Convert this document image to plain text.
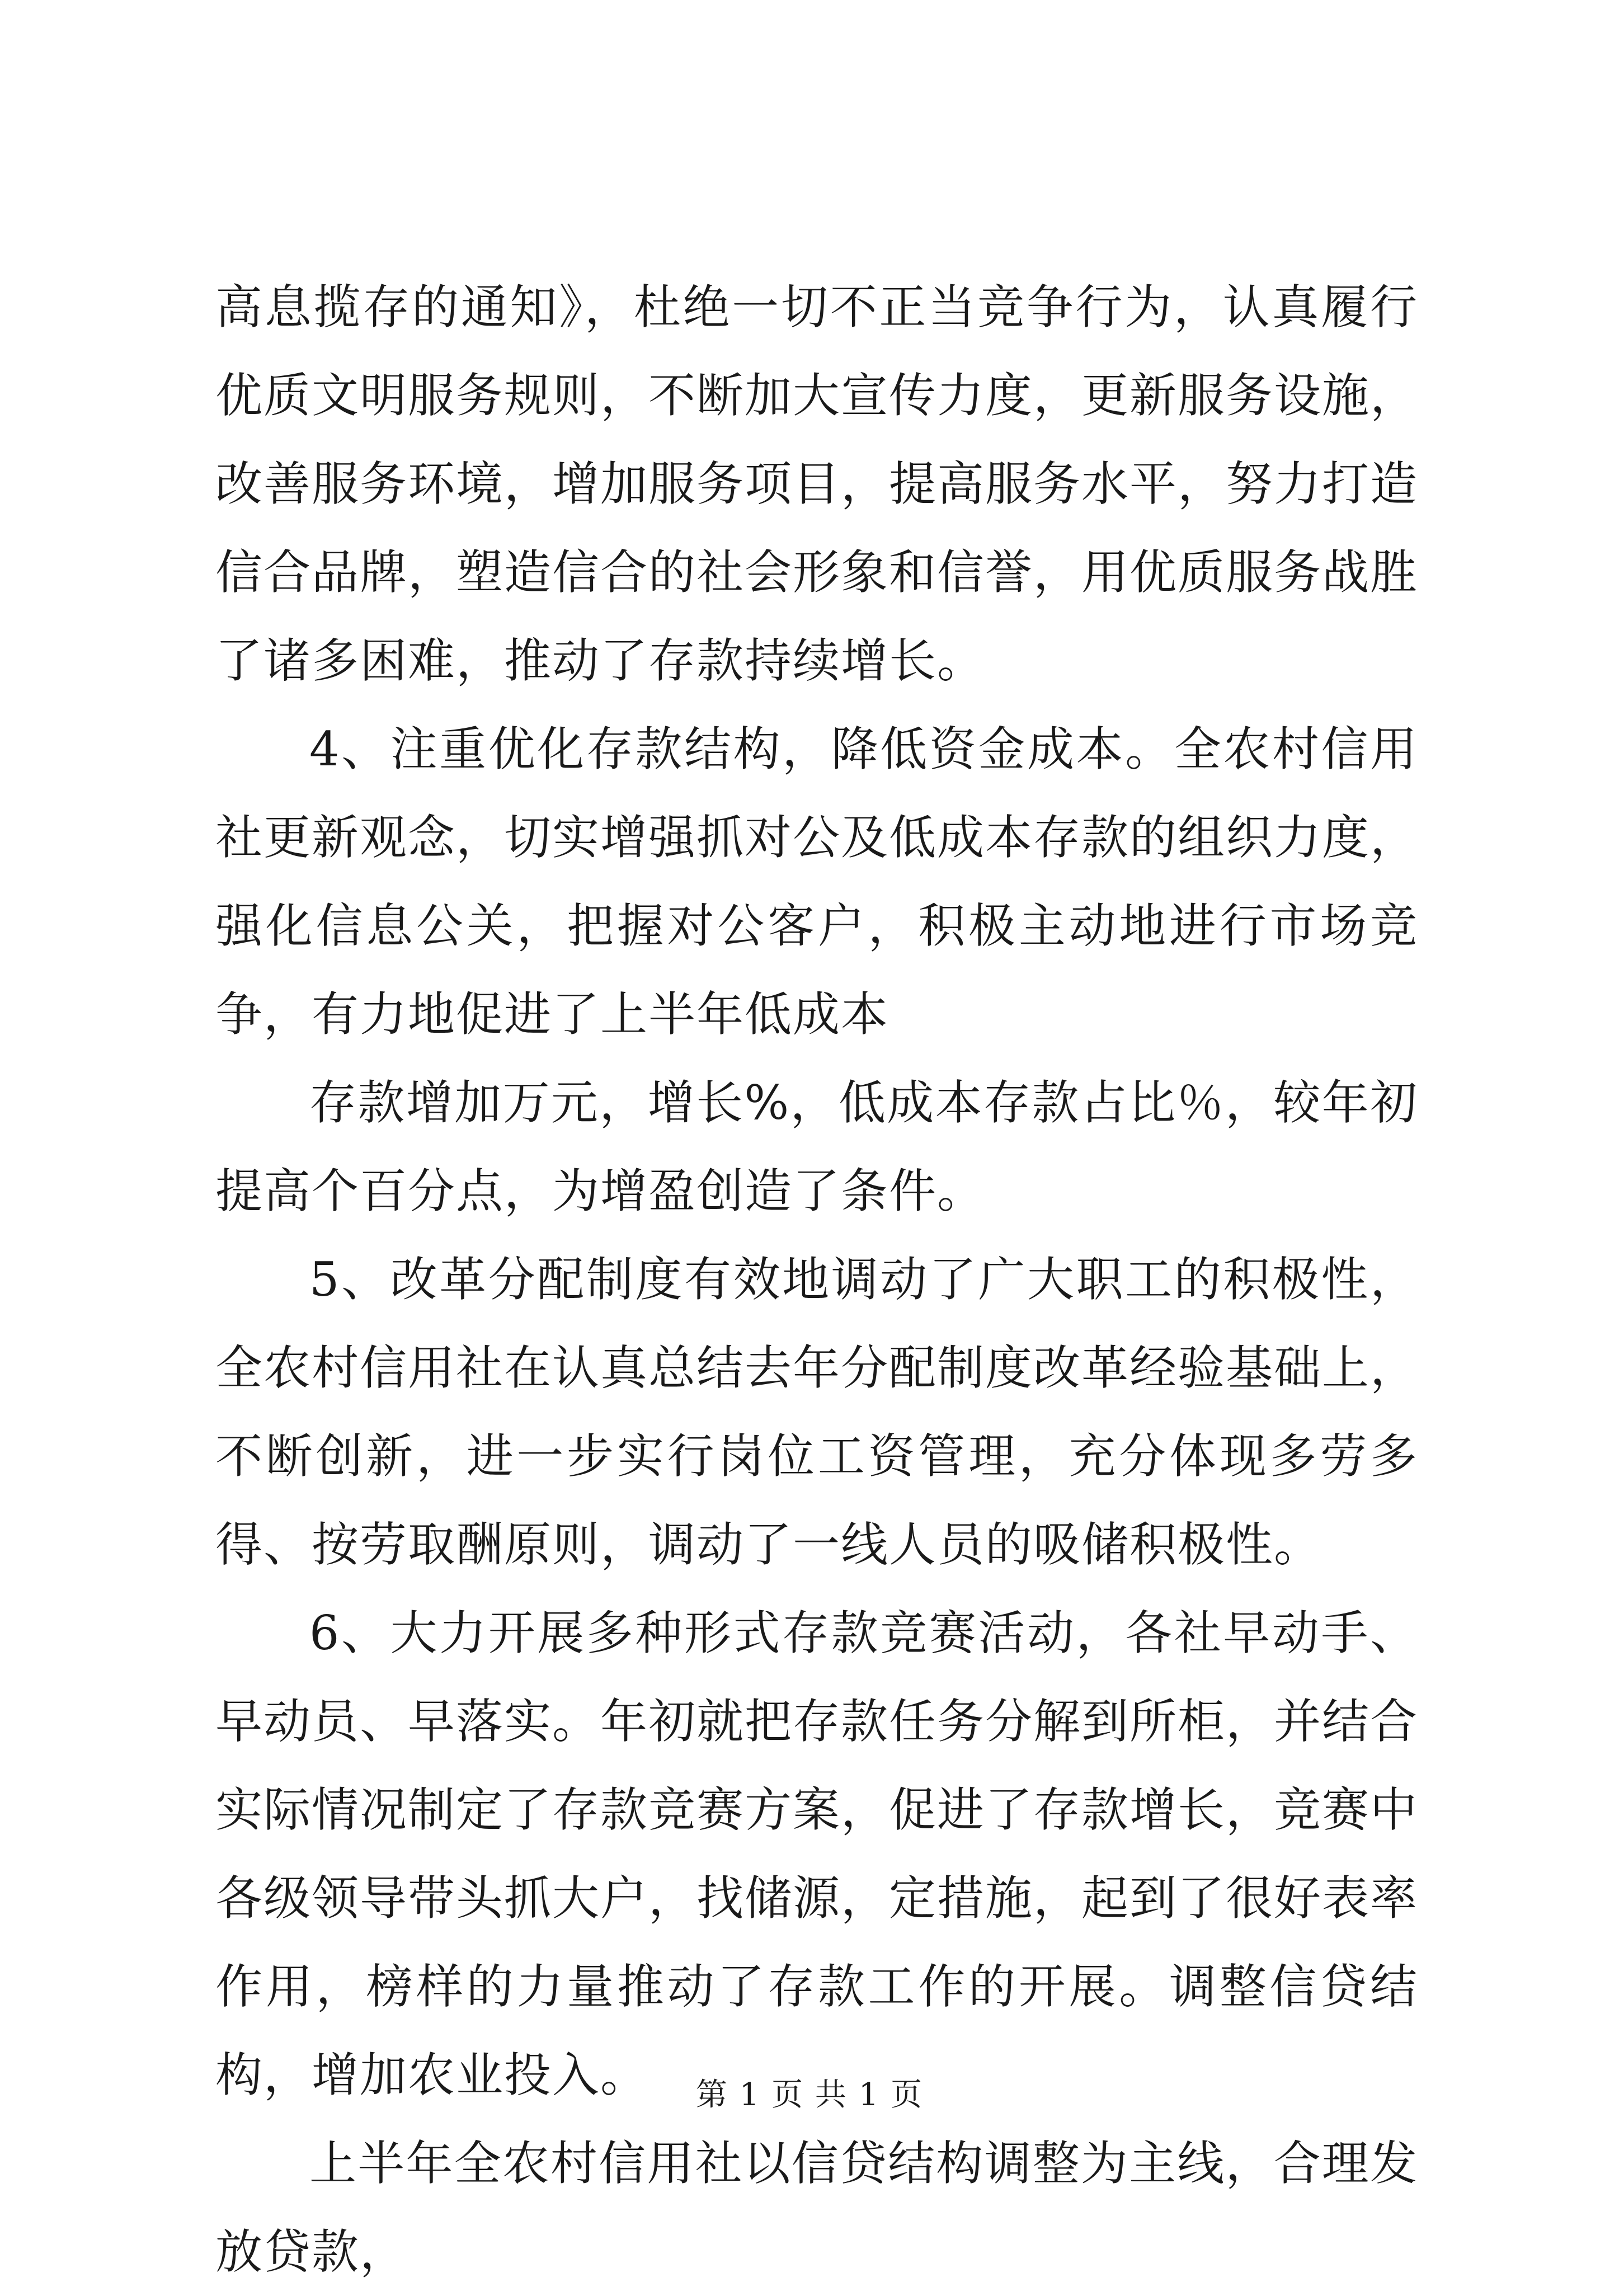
高息揽存的通知》，杜绝一切不正当竞争行为，认真履行优质文明服务规则，不断加大宣传力度，更新服务设施，改善服务环境，增加服务项目，提高服务水平，努力打造信合品牌，塑造信合的社会形象和信誉，用优质服务战胜了诸多困难，推动了存款持续增长。

4、注重优化存款结构，降低资金成本。全农村信用社更新观念，切实增强抓对公及低成本存款的组织力度，强化信息公关，把握对公客户，积极主动地进行市场竞争，有力地促进了上半年低成本

存款增加万元，增长%，低成本存款占比％，较年初提高个百分点，为增盈创造了条件。

5、改革分配制度有效地调动了广大职工的积极性，全农村信用社在认真总结去年分配制度改革经验基础上，不断创新，进一步实行岗位工资管理，充分体现多劳多得、按劳取酬原则，调动了一线人员的吸储积极性。

6、大力开展多种形式存款竞赛活动，各社早动手、早动员、早落实。年初就把存款任务分解到所柜，并结合实际情况制定了存款竞赛方案，促进了存款增长，竞赛中各级领导带头抓大户，找储源，定措施，起到了很好表率作用，榜样的力量推动了存款工作的开展。调整信贷结构，增加农业投入。

上半年全农村信用社以信贷结构调整为主线，合理发放贷款，

第 1 页 共 1 页
